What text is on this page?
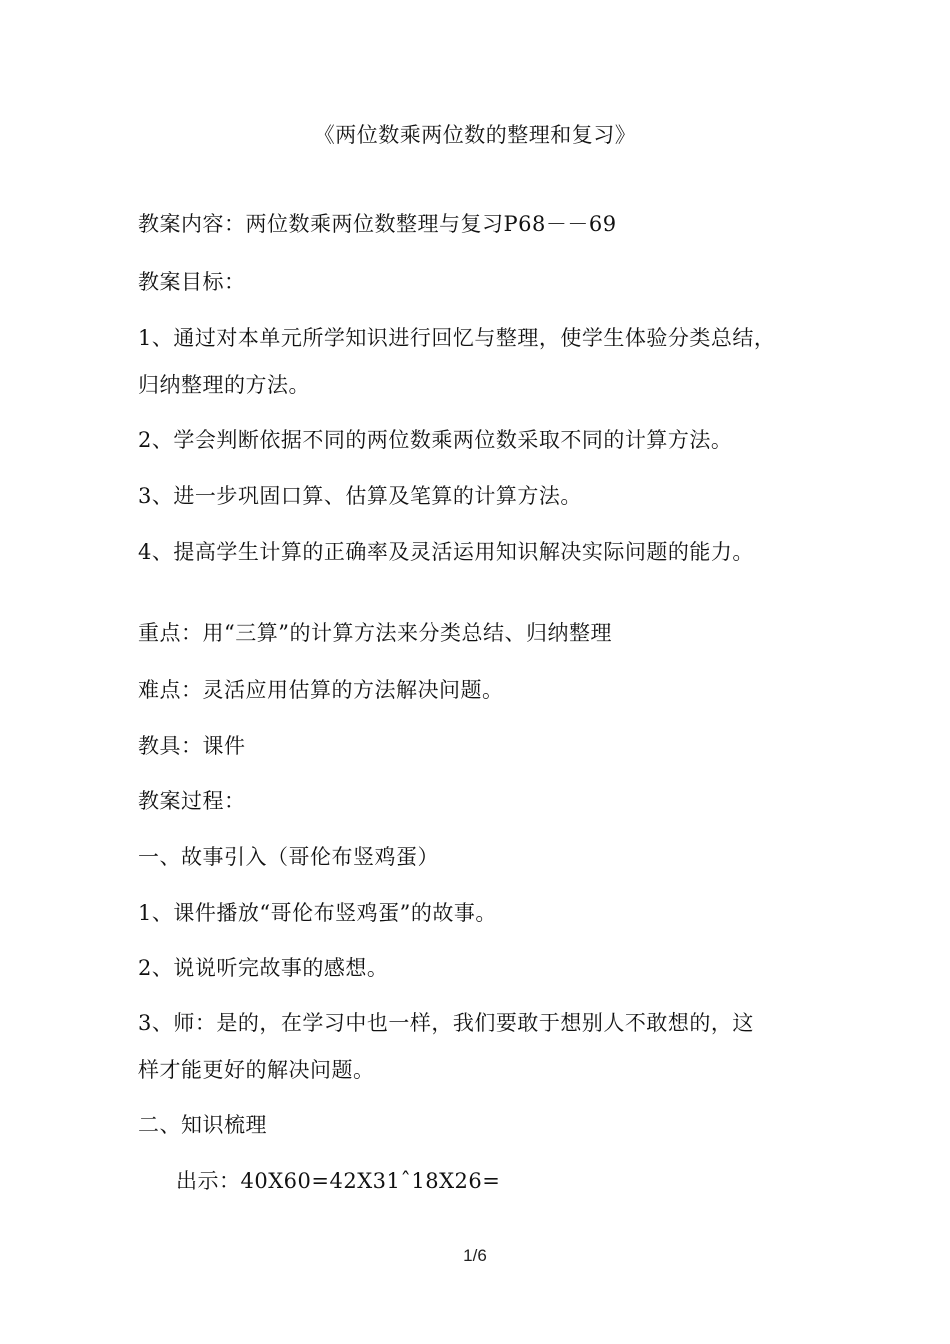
《两位数乘两位数的整理和复习》
教案内容：两位数乘两位数整理与复习P68－－69
教案目标：
1、通过对本单元所学知识进行回忆与整理，使学生体验分类总结，
归纳整理的方法。
2、学会判断依据不同的两位数乘两位数采取不同的计算方法。
3、进一步巩固口算、估算及笔算的计算方法。
4、提高学生计算的正确率及灵活运用知识解决实际问题的能力。
重点：用“三算”的计算方法来分类总结、归纳整理
难点：灵活应用估算的方法解决问题。
教具：课件
教案过程：
一、故事引入（哥伦布竖鸡蛋）
1、课件播放“哥伦布竖鸡蛋”的故事。
2、说说听完故事的感想。
3、师：是的，在学习中也一样，我们要敢于想别人不敢想的，这
样才能更好的解决问题。
二、知识梳理
出示：40X60=42X31ˆ18X26=
1/6
